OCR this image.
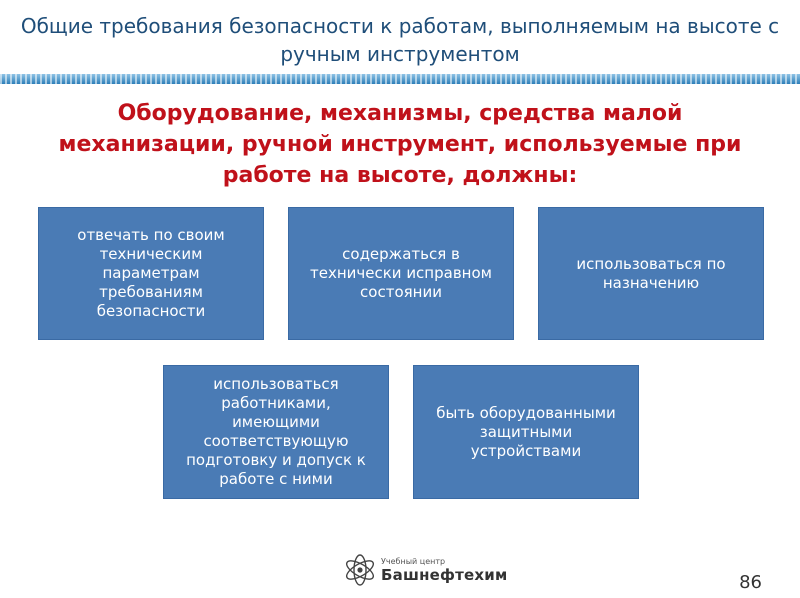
Общие требования безопасности к работам, выполняемым на высоте с ручным инструментом
Оборудование, механизмы, средства малой механизации, ручной инструмент, используемые при работе на высоте, должны:
отвечать по своим техническим параметрам требованиям безопасности
содержаться в технически исправном состоянии
использоваться по назначению
использоваться работниками, имеющими соответствующую подготовку и допуск к работе с ними
быть оборудованными защитными устройствами
Учебный центр
Башнефтехим	86
